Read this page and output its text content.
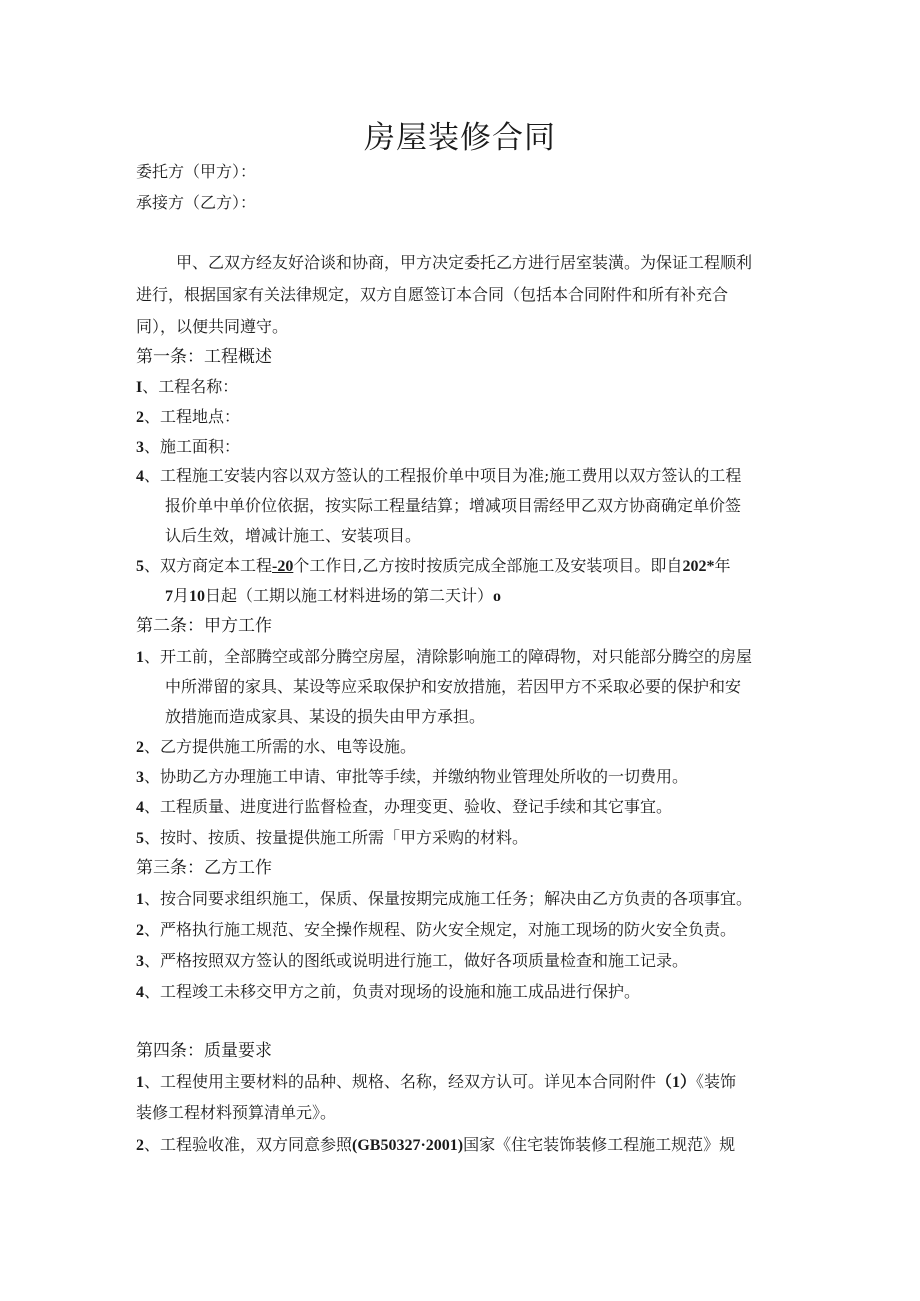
房屋装修合同
委托方（甲方）：
承接方（乙方）：
甲、乙双方经友好洽谈和协商，甲方决定委托乙方进行居室装潢。为保证工程顺利
进行，根据国家有关法律规定，双方自愿签订本合同（包括本合同附件和所有补充合
同），以便共同遵守。
第一条：工程概述
I、工程名称：
2、工程地点：
3、施工面积：
4、工程施工安装内容以双方签认的工程报价单中项目为准;施工费用以双方签认的工程
报价单中单价位依据，按实际工程量结算；增减项目需经甲乙双方协商确定单价签
认后生效，增减计施工、安装项目。
5、双方商定本工程-20个工作日,乙方按时按质完成全部施工及安装项目。即自202*年
7月10日起（工期以施工材料进场的第二天计）o
第二条：甲方工作
1、开工前，全部腾空或部分腾空房屋，清除影响施工的障碍物，对只能部分腾空的房屋
中所滞留的家具、某设等应采取保护和安放措施，若因甲方不采取必要的保护和安
放措施而造成家具、某设的损失由甲方承担。
2、乙方提供施工所需的水、电等设施。
3、协助乙方办理施工申请、审批等手续，并缴纳物业管理处所收的一切费用。
4、工程质量、进度进行监督检查，办理变更、验收、登记手续和其它事宜。
5、按时、按质、按量提供施工所需「甲方采购的材料。
第三条：乙方工作
1、按合同要求组织施工，保质、保量按期完成施工任务；解决由乙方负责的各项事宜。
2、严格执行施工规范、安全操作规程、防火安全规定，对施工现场的防火安全负责。
3、严格按照双方签认的图纸或说明进行施工，做好各项质量检查和施工记录。
4、工程竣工未移交甲方之前，负责对现场的设施和施工成品进行保护。
第四条：质量要求
1、工程使用主要材料的品种、规格、名称，经双方认可。详见本合同附件（1）《装饰
装修工程材料预算清单元》。
2、工程验收准，双方同意参照(GB50327·2001)国家《住宅装饰装修工程施工规范》规
